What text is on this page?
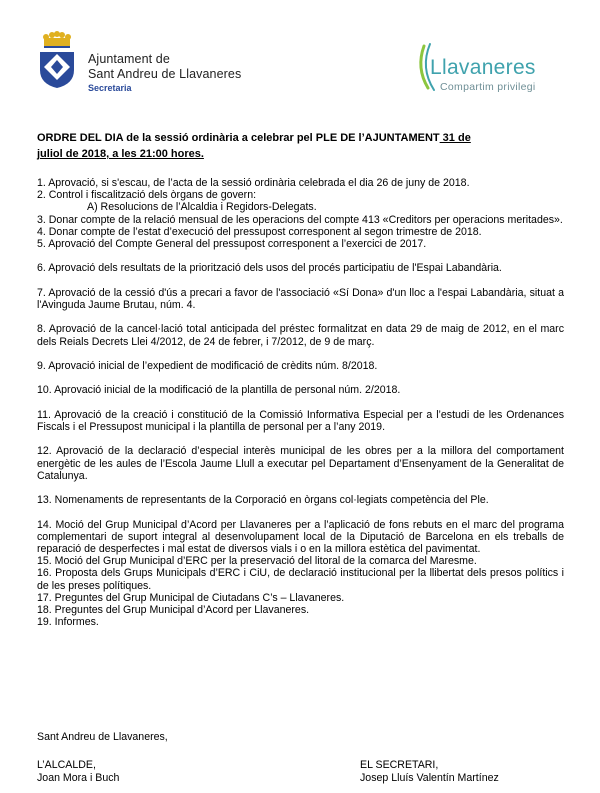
Ajuntament de
Sant Andreu de Llavaneres
Secretaria
Llavaneres
Compartim privilegi
ORDRE DEL DIA de la sessió ordinària a celebrar pel PLE DE l’AJUNTAMENT 31 de
juliol de 2018, a les 21:00 hores.

1. Aprovació, si s'escau, de l’acta de la sessió ordinària celebrada el dia 26 de juny de 2018.

2. Control i fiscalització dels òrgans de govern:

A) Resolucions de l’Alcaldia i Regidors-Delegats.

3. Donar compte de la relació mensual de les operacions del compte 413 «Creditors per operacions meritades».

4. Donar compte de l’estat d’execució del pressupost corresponent al segon trimestre de 2018.

5. Aprovació del Compte General del pressupost corresponent a l’exercici de 2017.

6. Aprovació dels resultats de la priorització dels usos del procés participatiu de l'Espai Labandària.

7. Aprovació de la cessió d'ús a precari a favor de l'associació «Sí Dona» d'un lloc a l'espai Labandària, situat a l'Avinguda Jaume Brutau, núm. 4.

8. Aprovació de la cancel·lació total anticipada del préstec formalitzat en data 29 de maig de 2012, en el marc dels Reials Decrets Llei 4/2012, de 24 de febrer, i 7/2012, de 9 de març.

9. Aprovació inicial de l’expedient de modificació de crèdits núm. 8/2018.

10. Aprovació inicial de la modificació de la plantilla de personal núm. 2/2018.

11. Aprovació de la creació i constitució de la Comissió Informativa Especial per a l’estudi de les Ordenances Fiscals i el Pressupost municipal i la plantilla de personal per a l’any 2019.

12. Aprovació de la declaració d’especial interès municipal de les obres per a la millora del comportament energètic de les aules de l’Escola Jaume Llull a executar pel Departament d’Ensenyament de la Generalitat de Catalunya.

13. Nomenaments de representants de la Corporació en òrgans col·legiats competència del Ple.

14. Moció del Grup Municipal d’Acord per Llavaneres per a l’aplicació de fons rebuts en el marc del programa complementari de suport integral al desenvolupament local de la Diputació de Barcelona en els treballs de reparació de desperfectes i mal estat de diversos vials i o en la millora estètica del pavimentat.

15. Moció del Grup Municipal d’ERC per la preservació del litoral de la comarca del Maresme.

16. Proposta dels Grups Municipals d’ERC i CiU, de declaració institucional per la llibertat dels presos polítics i de les preses polítiques.

17. Preguntes del Grup Municipal de Ciutadans C’s – Llavaneres.

18. Preguntes del Grup Municipal d’Acord per Llavaneres.

19. Informes.

Sant Andreu de Llavaneres,
L’ALCALDE,
Joan Mora i Buch
EL SECRETARI,
Josep Lluís Valentín Martínez
